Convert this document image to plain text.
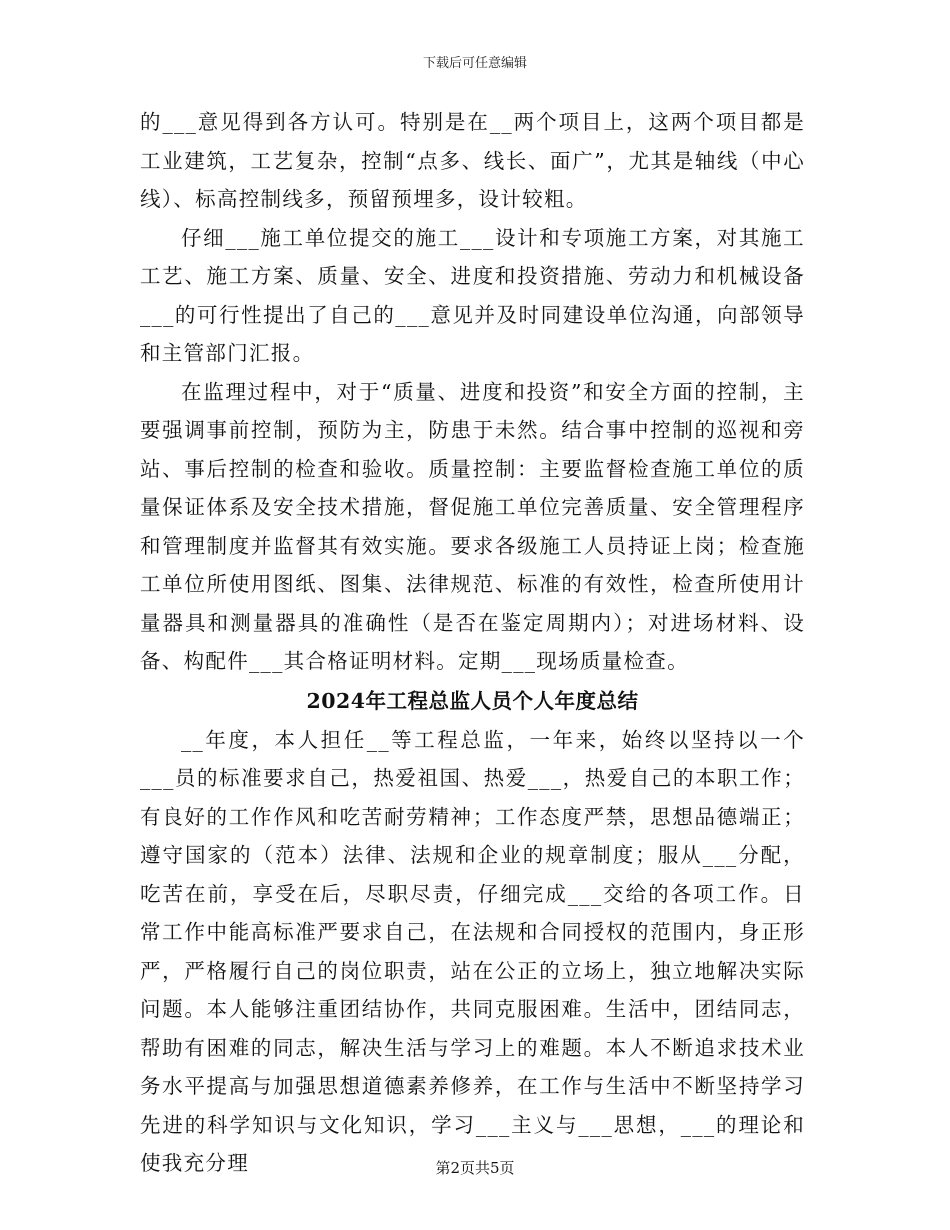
下载后可任意编辑

的___意见得到各方认可。特别是在__两个项目上，这两个项目都是工业建筑，工艺复杂，控制“点多、线长、面广”，尤其是轴线（中心线）、标高控制线多，预留预埋多，设计较粗。

仔细___施工单位提交的施工___设计和专项施工方案，对其施工工艺、施工方案、质量、安全、进度和投资措施、劳动力和机械设备___的可行性提出了自己的___意见并及时同建设单位沟通，向部领导和主管部门汇报。

在监理过程中，对于“质量、进度和投资”和安全方面的控制，主要强调事前控制，预防为主，防患于未然。结合事中控制的巡视和旁站、事后控制的检查和验收。质量控制：主要监督检查施工单位的质量保证体系及安全技术措施，督促施工单位完善质量、安全管理程序和管理制度并监督其有效实施。要求各级施工人员持证上岗；检查施工单位所使用图纸、图集、法律规范、标准的有效性，检查所使用计量器具和测量器具的准确性（是否在鉴定周期内）；对进场材料、设备、构配件___其合格证明材料。定期___现场质量检查。

2024年工程总监人员个人年度总结

__年度，本人担任__等工程总监，一年来，始终以坚持以一个___员的标准要求自己，热爱祖国、热爱___，热爱自己的本职工作；有良好的工作作风和吃苦耐劳精神；工作态度严禁，思想品德端正；遵守国家的（范本）法律、法规和企业的规章制度；服从___分配，吃苦在前，享受在后，尽职尽责，仔细完成___交给的各项工作。日常工作中能高标准严要求自己，在法规和合同授权的范围内，身正形严，严格履行自己的岗位职责，站在公正的立场上，独立地解决实际问题。本人能够注重团结协作，共同克服困难。生活中，团结同志，帮助有困难的同志，解决生活与学习上的难题。本人不断追求技术业务水平提高与加强思想道德素养修养，在工作与生活中不断坚持学习先进的科学知识与文化知识，学习___主义与___思想，___的理论和使我充分理	第2页共5页
